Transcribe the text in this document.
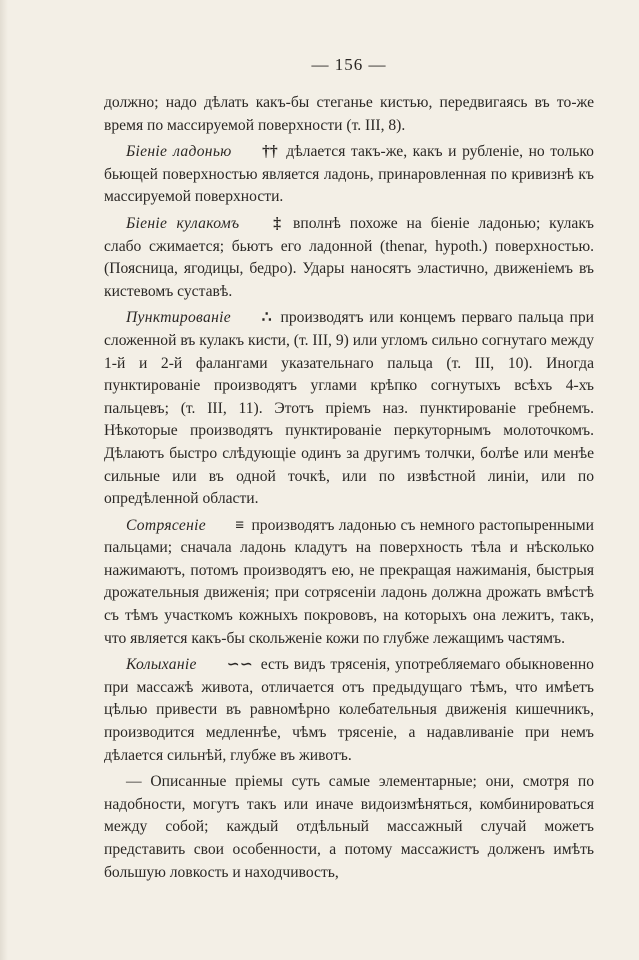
— 156 —

должно; надо дѣлать какъ-бы стеганье кистью, передвигаясь въ то-же время по массируемой поверхности (т. III, 8).

Біеніе ладонью †† дѣлается такъ-же, какъ и рубленіе, но только бьющей поверхностью является ладонь, принаровленная по кривизнѣ къ массируемой поверхности.

Біеніе кулакомъ ‡ вполнѣ похоже на біеніе ладонью; кулакъ слабо сжимается; бьютъ его ладонной (thenar, hypoth.) поверхностью. (Поясница, ягодицы, бедро). Удары наносятъ эластично, движеніемъ въ кистевомъ суставѣ.

Пунктированіе ∴ производятъ или концемъ перваго пальца при сложенной въ кулакъ кисти, (т. III, 9) или угломъ сильно согнутаго между 1-й и 2-й фалангами указательнаго пальца (т. III, 10). Иногда пунктированіе производятъ углами крѣпко согнутыхъ всѣхъ 4-хъ пальцевъ; (т. III, 11). Этотъ пріемъ наз. пунктированіе гребнемъ. Нѣкоторые производятъ пунктированіе перкуторнымъ молоточкомъ. Дѣлаютъ быстро слѣдующіе одинъ за другимъ толчки, болѣе или менѣе сильные или въ одной точкѣ, или по извѣстной линіи, или по опредѣленной области.

Сотрясеніе ≡ производятъ ладонью съ немного растопыренными пальцами; сначала ладонь кладутъ на поверхность тѣла и нѣсколько нажимаютъ, потомъ производятъ ею, не прекращая нажиманія, быстрыя дрожательныя движенія; при сотрясеніи ладонь должна дрожать вмѣстѣ съ тѣмъ участкомъ кожныхъ покрововъ, на которыхъ она лежитъ, такъ, что является какъ-бы скольженіе кожи по глубже лежащимъ частямъ.

Колыханіе ∽∽ есть видъ трясенія, употребляемаго обыкновенно при массажѣ живота, отличается отъ предыдущаго тѣмъ, что имѣетъ цѣлью привести въ равномѣрно колебательныя движенія кишечникъ, производится медленнѣе, чѣмъ трясеніе, а надавливаніе при немъ дѣлается сильнѣй, глубже въ животъ.

— Описанные пріемы суть самые элементарные; они, смотря по надобности, могутъ такъ или иначе видоизмѣняться, комбинироваться между собой; каждый отдѣльный массажный случай можетъ представить свои особенности, а потому массажистъ долженъ имѣть большую ловкость и находчивость,
